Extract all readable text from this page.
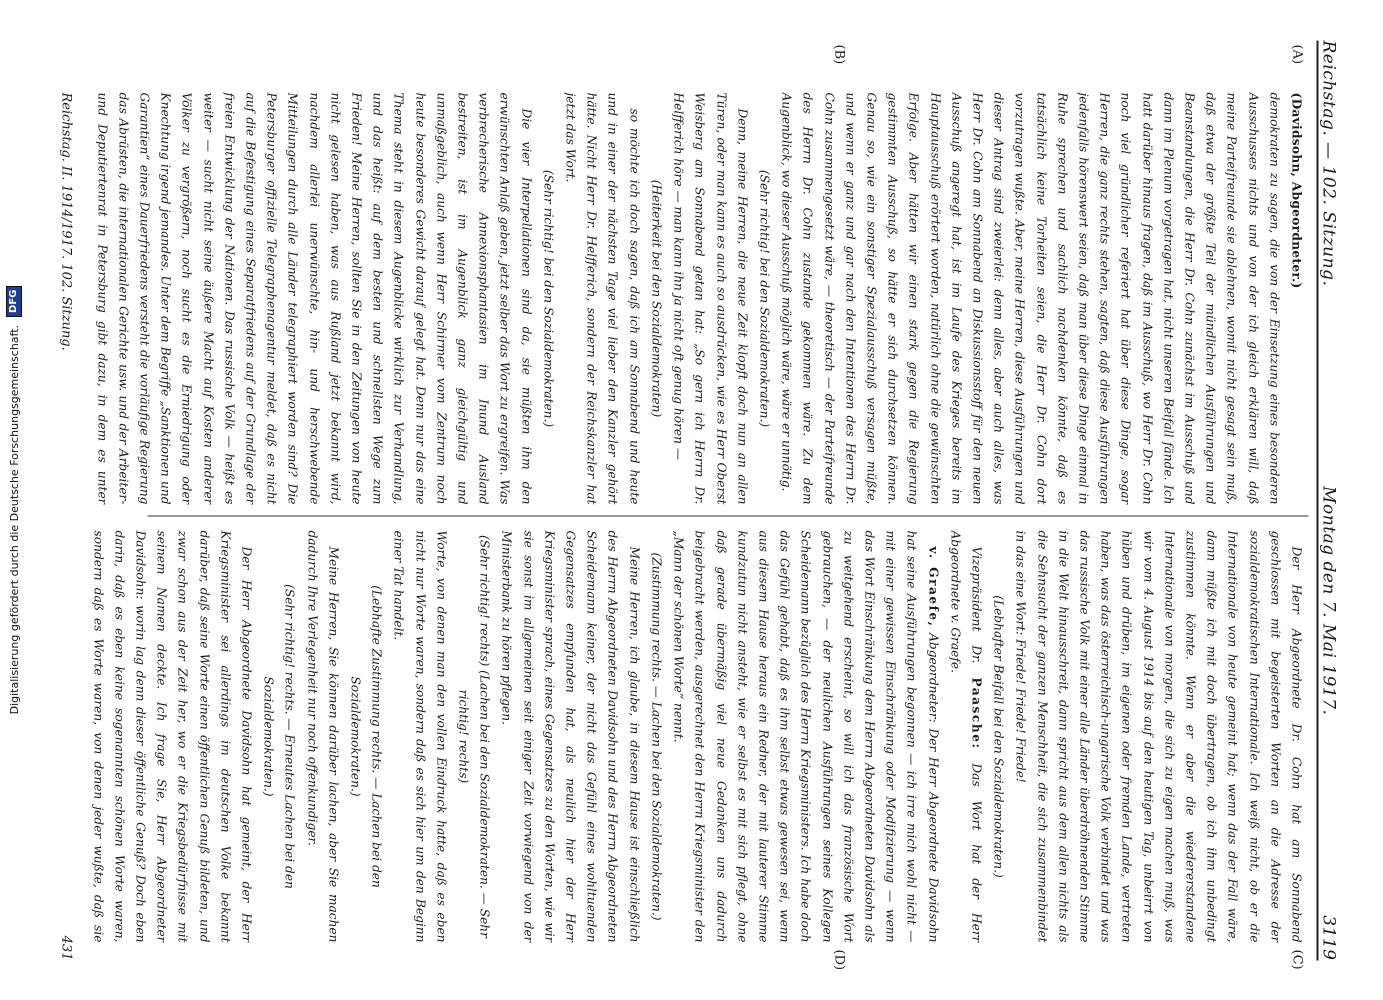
Digitalisierung gefördert durch die Deutsche Forschungsgemeinschaft.
DFG
Reichstag. — 102. Sitzung.
Montag den 7. Mai 1917.
3119
(A)
(B)
(C)
(D)

(Davidsohn, Abgeordneter.)

demokraten zu sagen, die von der Einsetzung eines besonderen Ausschusses nichts und von der ich gleich erklären will, daß meine Parteifreunde sie ablehnen, womit nicht gesagt sein muß, daß etwa der größte Teil der mündlichen Ausführungen und Beanstandungen, die Herr Dr. Cohn zunächst im Ausschuß und dann im Plenum vorgetragen hat, nicht unseren Beifall fände. Ich hatt darüber hinaus fragen, daß im Ausschuß, wo Herr Dr. Cohn noch viel gründlicher referiert hat über diese Dinge, sogar Herren, die ganz rechts stehen, sagten, daß diese Ausführungen jedenfalls hörenswert seien, daß man über diese Dinge einmal in Ruhe sprechen und sachlich nachdenken könnte, daß es tatsächlich keine Torheiten seien, die Herr Dr. Cohn dort vorzutragen wußte. Aber, meine Herren, diese Ausführungen und dieser Antrag sind zweierlei: denn alles, aber auch alles, was Herr Dr. Cohn am Sonnabend an Diskussionsstoff für den neuen Ausschuß angeregt hat, ist im Laufe des Krieges bereits im Hauptausschuß erörtert worden, natürlich ohne die gewünschten Erfolge. Aber hätten wir einen stark gegen die Regierung gestimmten Ausschuß, so hätte er sich durchsetzen können. Genau so, wie ein sonstiger Spezialausschuß versagen müßte, und wenn er ganz und gar nach den Intentionen des Herrn Dr. Cohn zusammengesetzt wäre, — theoretisch — der Parteifreunde des Herrn Dr. Cohn zustande gekommen wäre. Zu dem Augenblick, wo dieser Ausschuß möglich wäre, wäre er unnötig.

(Sehr richtig! bei den Sozialdemokraten.)

Denn, meine Herren, die neue Zeit klopft doch nun an allen Türen, oder man kann es auch so ausdrücken, wie es Herr Oberst Weisberg am Sonnabend getan hat: „So gern ich Herrn Dr. Helfferich höre — man kann ihn ja nicht oft genug hören —

(Heiterkeit bei den Sozialdemokraten)

so möchte ich doch sagen, daß ich am Sonnabend und heute und in einer der nächsten Tage viel lieber den Kanzler gehört hätte. Nicht Herr Dr. Helfferich, sondern der Reichskanzler hat jetzt das Wort.

(Sehr richtig! bei den Sozialdemokraten.)

Die vier Interpellationen sind da, sie müßten ihm den erwünschten Anlaß geben, jetzt selber das Wort zu ergreifen. Was verbrecherische Annexionsphantasien im Inund Ausland bestreiten, ist im Augenblick ganz gleichgültig und unmaßgeblich, auch wenn Herr Schirmer vom Zentrum noch heute besonderes Gewicht darauf gelegt hat. Denn nur das eine Thema steht in diesem Augenblicke wirklich zur Verhandlung, und das heißt: auf dem besten und schnellsten Wege zum Frieden! Meine Herren, sollten Sie in den Zeitungen von heute nicht gelesen haben, was aus Rußland jetzt bekannt wird, nachdem allerlei unerwünschte, hin- und herschwebende Mitteilungen durch alle Länder telegraphiert worden sind? Die Petersburger offizielle Telegraphenagentur meldet, daß es nicht auf die Befestigung eines Separatfriedens auf der Grundlage der freien Entwicklung der Nationen. Das russische Volk — heißt es weiter — sucht nicht seine äußere Macht auf Kosten anderer Völker zu vergrößern, noch sucht es die Erniedrigung oder Knechtung irgend jemandes. Unter dem Begriffe „Sanktionen und Garantien“ eines Dauerfriedens versteht die vorläufige Regierung das Abrüsten, die internationalen Gerichte usw. und der Arbeiter- und Deputiertenrat in Petersburg gibt dazu, in dem es unter

Der Herr Abgeordnete Dr. Cohn hat am Sonnabend geschlossen mit begeisterten Worten an die Adresse der sozialdemokratischen Internationale. Ich weiß nicht, ob er die Internationale von heute gemeint hat; wenn das der Fall wäre, dann müßte ich mit doch übertragen, ob ich ihm unbedingt zustimmen könnte. Wenn er aber die wiedererstandene Internationale von morgen, die sich zu eigen machen muß, was wir vom 4. August 1914 bis auf den heutigen Tag, unbeirrt von hüben und drüben, im eigenen oder fremden Lande, vertreten haben, was das österreichisch-ungarische Volk verbindet und was das russische Volk mit einer alle Länder überdröhnenden Stimme in die Welt hinausschreit, dann spricht aus dem allen nichts als die Sehnsucht der ganzen Menschheit, die sich zusammenbindet in das eine Wort: Friede! Friede! Friede!

(Lebhafter Beifall bei den Sozialdemokraten.)

Vizepräsident Dr. Paasche: Das Wort hat der Herr Abgeordnete v. Graefe.

v. Graefe, Abgeordneter: Der Herr Abgeordnete Davidsohn hat seine Ausführungen begonnen — ich irre mich wohl nicht — mit einer gewissen Einschränkung oder Modifizierung — wenn das Wort Einschränkung dem Herrn Abgeordneten Davidsohn als zu weitgehend erscheint, so will ich das französische Wort gebrauchen, — der neulichen Ausführungen seines Kollegen Scheidemann bezüglich des Herrn Kriegsministers. Ich habe doch das Gefühl gehabt, daß es ihm selbst etwas gewesen sei, wenn aus diesem Hause heraus ein Redner, der mit lauterer Stimme kundzutun nicht ansteht, wie er selbst es mit sich pflegt, ohne daß gerade übermäßig viel neue Gedanken uns dadurch beigebracht werden, ausgerechnet den Herrn Kriegsminister den „Mann der schönen Worte“ nennt.

(Zustimmung rechts. — Lachen bei den Sozialdemokraten.)

Meine Herren, ich glaube, in diesem Hause ist einschließlich des Herrn Abgeordneten Davidsohn und des Herrn Abgeordneten Scheidemann keiner, der nicht das Gefühl eines wohltuenden Gegensatzes empfunden hat, als neulich hier der Herr Kriegsminister sprach, eines Gegensatzes zu den Worten, wie wir sie sonst im allgemeinen seit einiger Zeit vorwiegend von der Ministerbank zu hören pflegen.

(Sehr richtig! rechts) (Lachen bei den Sozialdemokraten. — Sehr richtig! rechts)

Worte, von denen man den vollen Eindruck hatte, daß es eben nicht nur Worte waren, sondern daß es sich hier um den Beginn einer Tat handelt.

(Lebhafte Zustimmung rechts. — Lachen bei den Sozialdemokraten.)

Meine Herren, Sie können darüber lachen, aber Sie machen dadurch Ihre Verlegenheit nur noch offenkundiger.

(Sehr richtig! rechts. — Erneutes Lachen bei den Sozialdemokraten.)

Der Herr Abgeordnete Davidsohn hat gemeint, der Herr Kriegsminister sei allerdings im deutschen Volke bekannt darüber, daß seine Worte einen öffentlichen Genuß bildeten, und zwar schon aus der Zeit her, wo er die Kriegsbedürfnisse mit seinem Namen deckte. Ich frage Sie, Herr Abgeordneter Davidsohn: worin lag denn dieser öffentliche Genuß? Doch eben darin, daß es eben keine sogenannten schönen Worte waren, sondern daß es Worte waren, von denen jeder wußte, daß sie

Reichstag. II. 1914/1917. 102. Sitzung.
431
